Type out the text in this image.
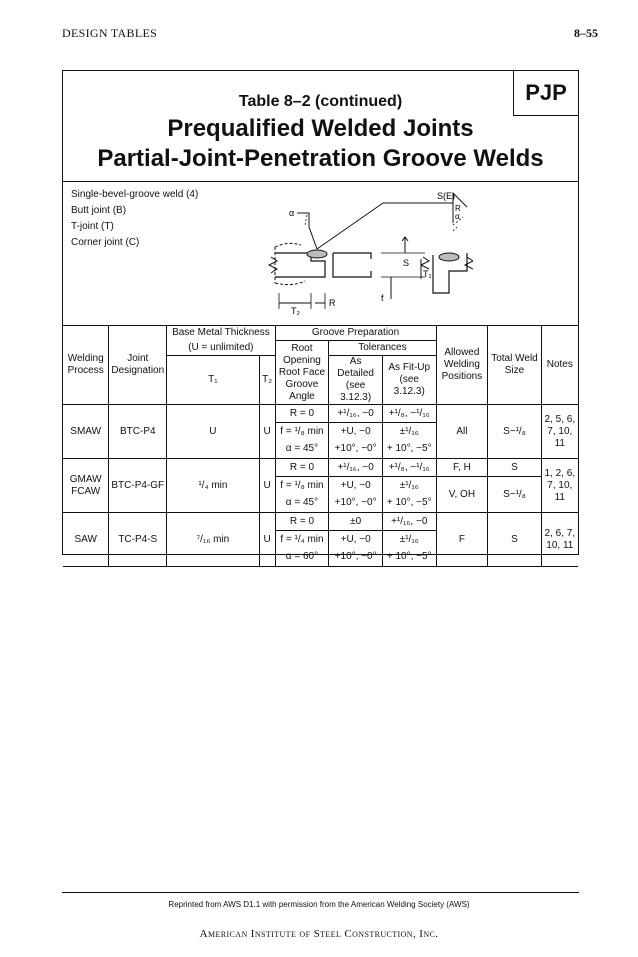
DESIGN TABLES	8–55
PJP
Table 8–2 (continued)
Prequalified Welded Joints
Partial-Joint-Penetration Groove Welds
Single-bevel-groove weld (4)
Butt joint (B)
T-joint (T)
Corner joint (C)
α
S(E)
R
α
S
T₁
f
T₂
R
Welding Process	Joint Designation	Base Metal Thickness		Groove Preparation			Allowed Welding Positions	Total Weld Size	Notes
		(U = unlimited)		Root Opening Root Face Groove Angle	Tolerances				
		T₁	T₂		As Detailed (see 3.12.3)	As Fit-Up (see 3.12.3)			

SMAW	BTC-P4	U	U	R = 0	+¹/₁₆, −0	+¹/₈, −¹/₁₆	All	S−¹/₈	2, 5, 6, 7, 10, 11
				f = ¹/₈ min	+U, −0	±¹/₁₆			
				α = 45°	+10°, −0°	+ 10°, −5°			
GMAW FCAW	BTC-P4-GF	¹/₄ min	U	R = 0	+¹/₁₆, −0	+¹/₈, −¹/₁₆	F, H	S	1, 2, 6, 7, 10, 11
				f = ¹/₈ min	+U, −0	±¹/₁₆	V, OH	S−¹/₈	
				α = 45°	+10°, −0°	+ 10°, −5°			
SAW	TC-P4-S	⁷/₁₆ min	U	R = 0	±0	+¹/₁₆, −0	F	S	2, 6, 7, 10, 11
				f = ¹/₄ min	+U, −0	±¹/₁₆			
				α = 60°	+10°, −0°	+ 10°, −5°			
Reprinted from AWS D1.1 with permission from the American Welding Society (AWS)
American Institute of Steel Construction, Inc.
